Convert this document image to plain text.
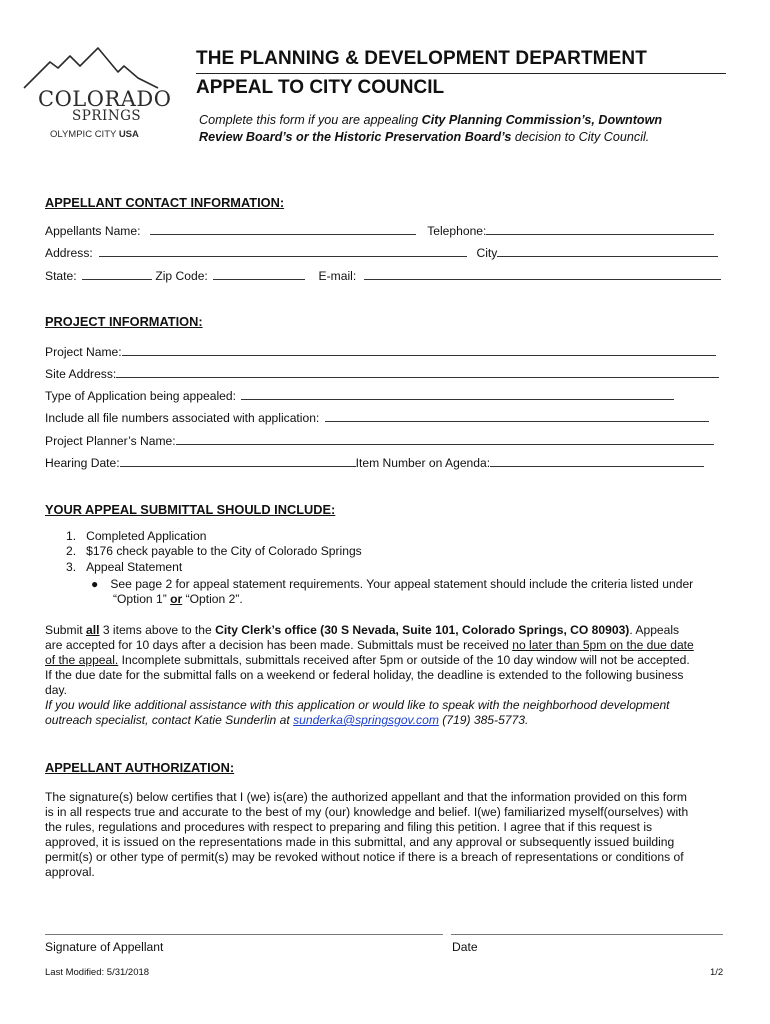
COLORADO
SPRINGS
OLYMPIC CITY USA
THE PLANNING & DEVELOPMENT DEPARTMENT
APPEAL TO CITY COUNCIL
Complete this form if you are appealing City Planning Commission’s, Downtown
Review Board’s or the Historic Preservation Board’s decision to City Council.
APPELLANT CONTACT INFORMATION:
Appellants Name:	Telephone:
Address:	City
State:	Zip Code:	E-mail:
PROJECT INFORMATION:
Project Name:
Site Address:
Type of Application being appealed:
Include all file numbers associated with application:
Project Planner’s Name:
Hearing Date:	Item Number on Agenda:
YOUR APPEAL SUBMITTAL SHOULD INCLUDE:
1. Completed Application
2. $176 check payable to the City of Colorado Springs
3. Appeal Statement
● See page 2 for appeal statement requirements. Your appeal statement should include the criteria listed under
“Option 1” or “Option 2”.
Submit all 3 items above to the City Clerk’s office (30 S Nevada, Suite 101, Colorado Springs, CO 80903). Appeals
are accepted for 10 days after a decision has been made. Submittals must be received no later than 5pm on the due date
of the appeal. Incomplete submittals, submittals received after 5pm or outside of the 10 day window will not be accepted.
If the due date for the submittal falls on a weekend or federal holiday, the deadline is extended to the following business
day.
If you would like additional assistance with this application or would like to speak with the neighborhood development
outreach specialist, contact Katie Sunderlin at sunderka@springsgov.com (719) 385-5773.
APPELLANT AUTHORIZATION:
The signature(s) below certifies that I (we) is(are) the authorized appellant and that the information provided on this form
is in all respects true and accurate to the best of my (our) knowledge and belief. I(we) familiarized myself(ourselves) with
the rules, regulations and procedures with respect to preparing and filing this petition. I agree that if this request is
approved, it is issued on the representations made in this submittal, and any approval or subsequently issued building
permit(s) or other type of permit(s) may be revoked without notice if there is a breach of representations or conditions of
approval.
Signature of Appellant	Date
Last Modified: 5/31/2018	1/2
